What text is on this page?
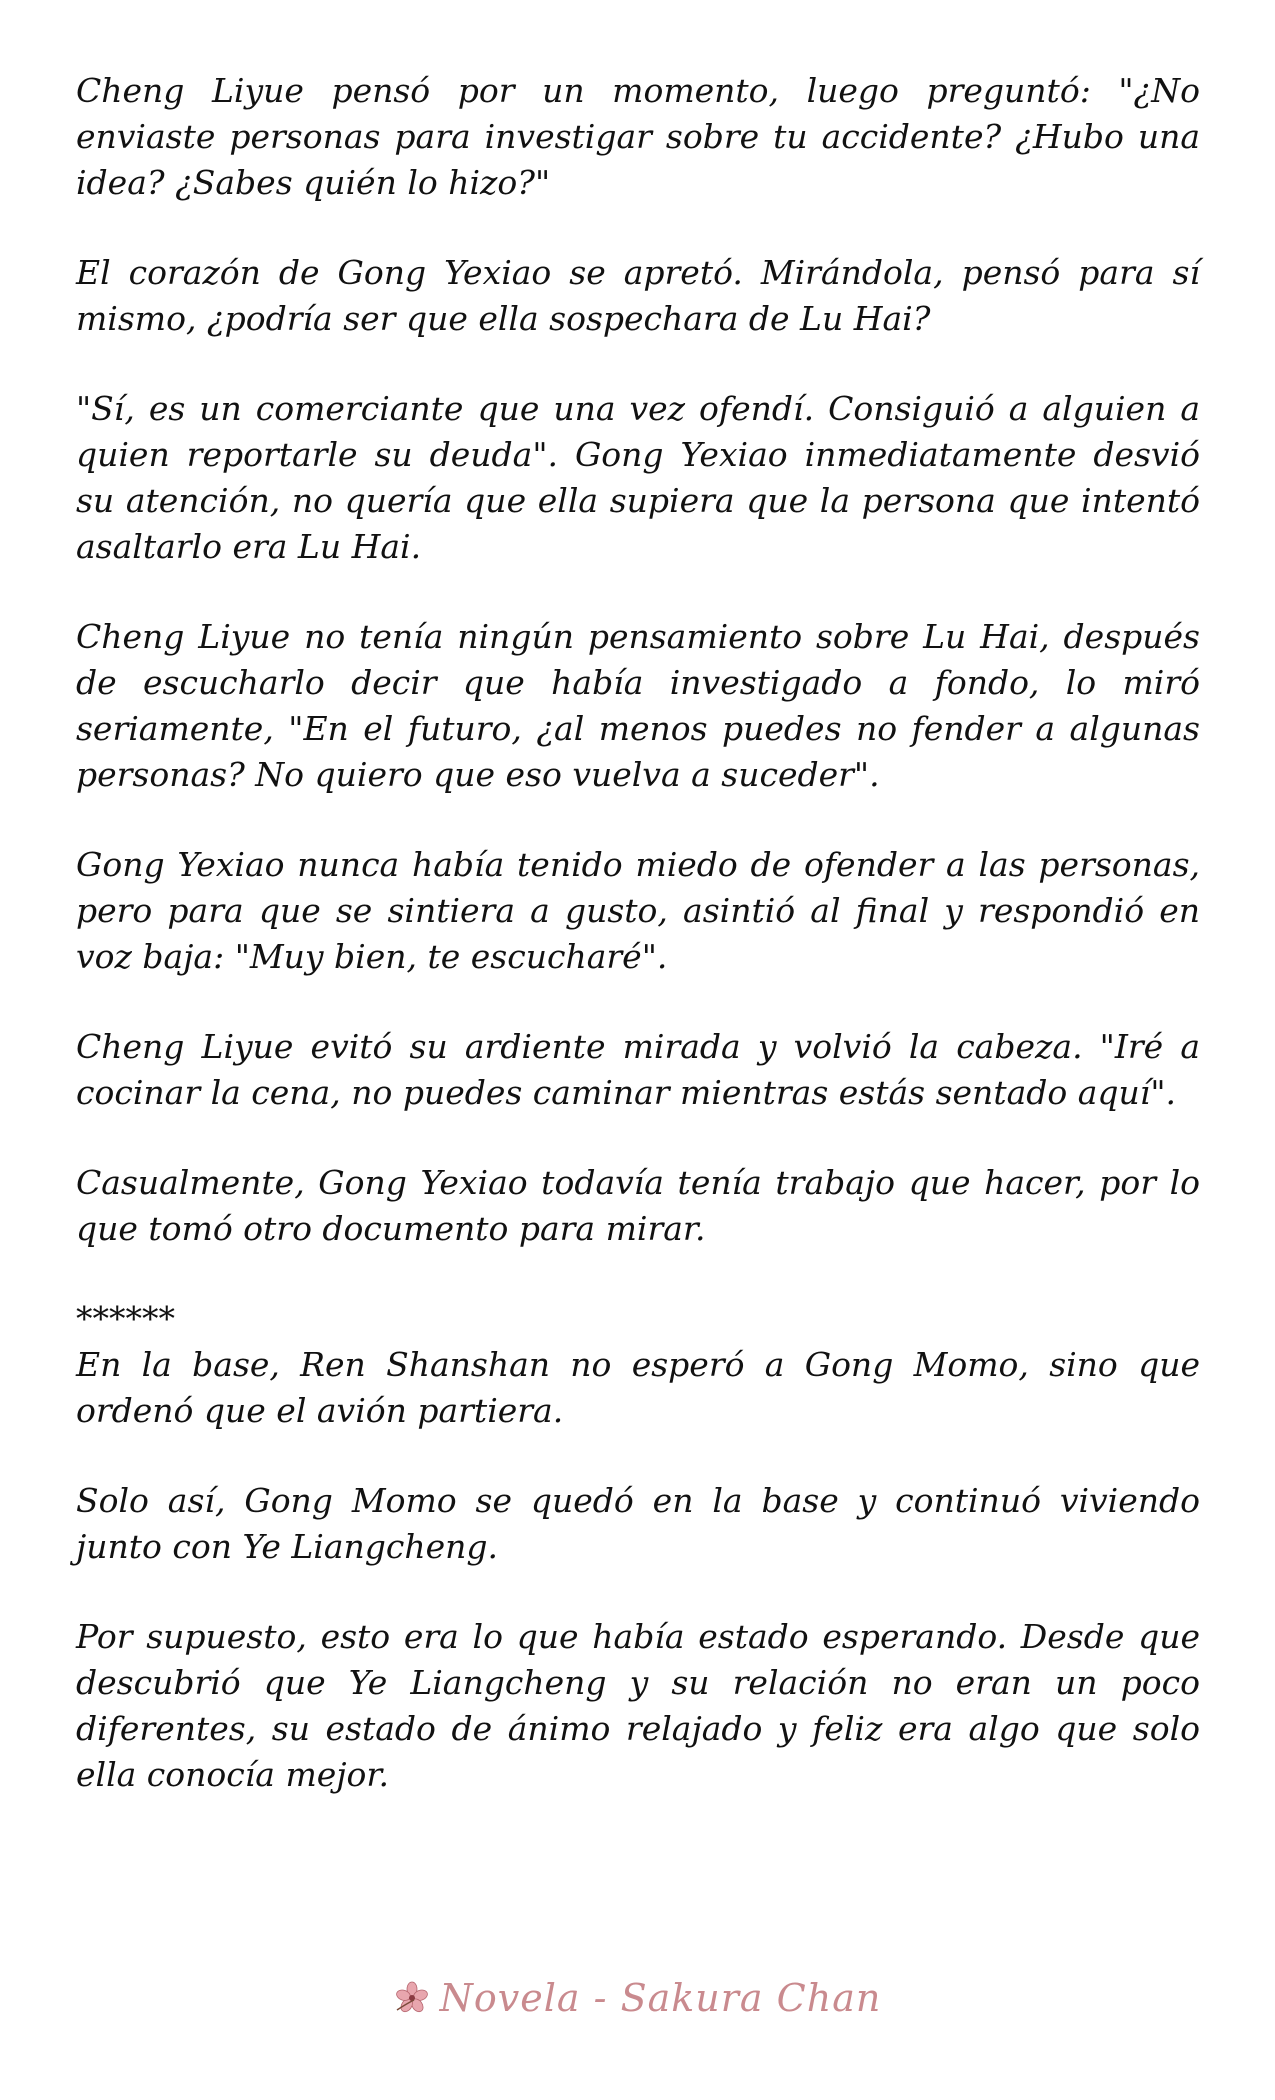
Cheng Liyue pensó por un momento, luego preguntó: "¿No enviaste personas para investigar sobre tu accidente? ¿Hubo una idea? ¿Sabes quién lo hizo?"

El corazón de Gong Yexiao se apretó. Mirándola, pensó para sí mismo, ¿podría ser que ella sospechara de Lu Hai?

"Sí, es un comerciante que una vez ofendí. Consiguió a alguien a quien reportarle su deuda". Gong Yexiao inmediatamente desvió su atención, no quería que ella supiera que la persona que intentó asaltarlo era Lu Hai.

Cheng Liyue no tenía ningún pensamiento sobre Lu Hai, después de escucharlo decir que había investigado a fondo, lo miró seriamente, "En el futuro, ¿al menos puedes no fender a algunas personas? No quiero que eso vuelva a suceder".

Gong Yexiao nunca había tenido miedo de ofender a las personas, pero para que se sintiera a gusto, asintió al final y respondió en voz baja: "Muy bien, te escucharé".

Cheng Liyue evitó su ardiente mirada y volvió la cabeza. "Iré a cocinar la cena, no puedes caminar mientras estás sentado aquí".

Casualmente, Gong Yexiao todavía tenía trabajo que hacer, por lo que tomó otro documento para mirar.

******

En la base, Ren Shanshan no esperó a Gong Momo, sino que ordenó que el avión partiera.

Solo así, Gong Momo se quedó en la base y continuó viviendo junto con Ye Liangcheng.

Por supuesto, esto era lo que había estado esperando. Desde que descubrió que Ye Liangcheng y su relación no eran un poco diferentes, su estado de ánimo relajado y feliz era algo que solo ella conocía mejor.

Novela - Sakura Chan
